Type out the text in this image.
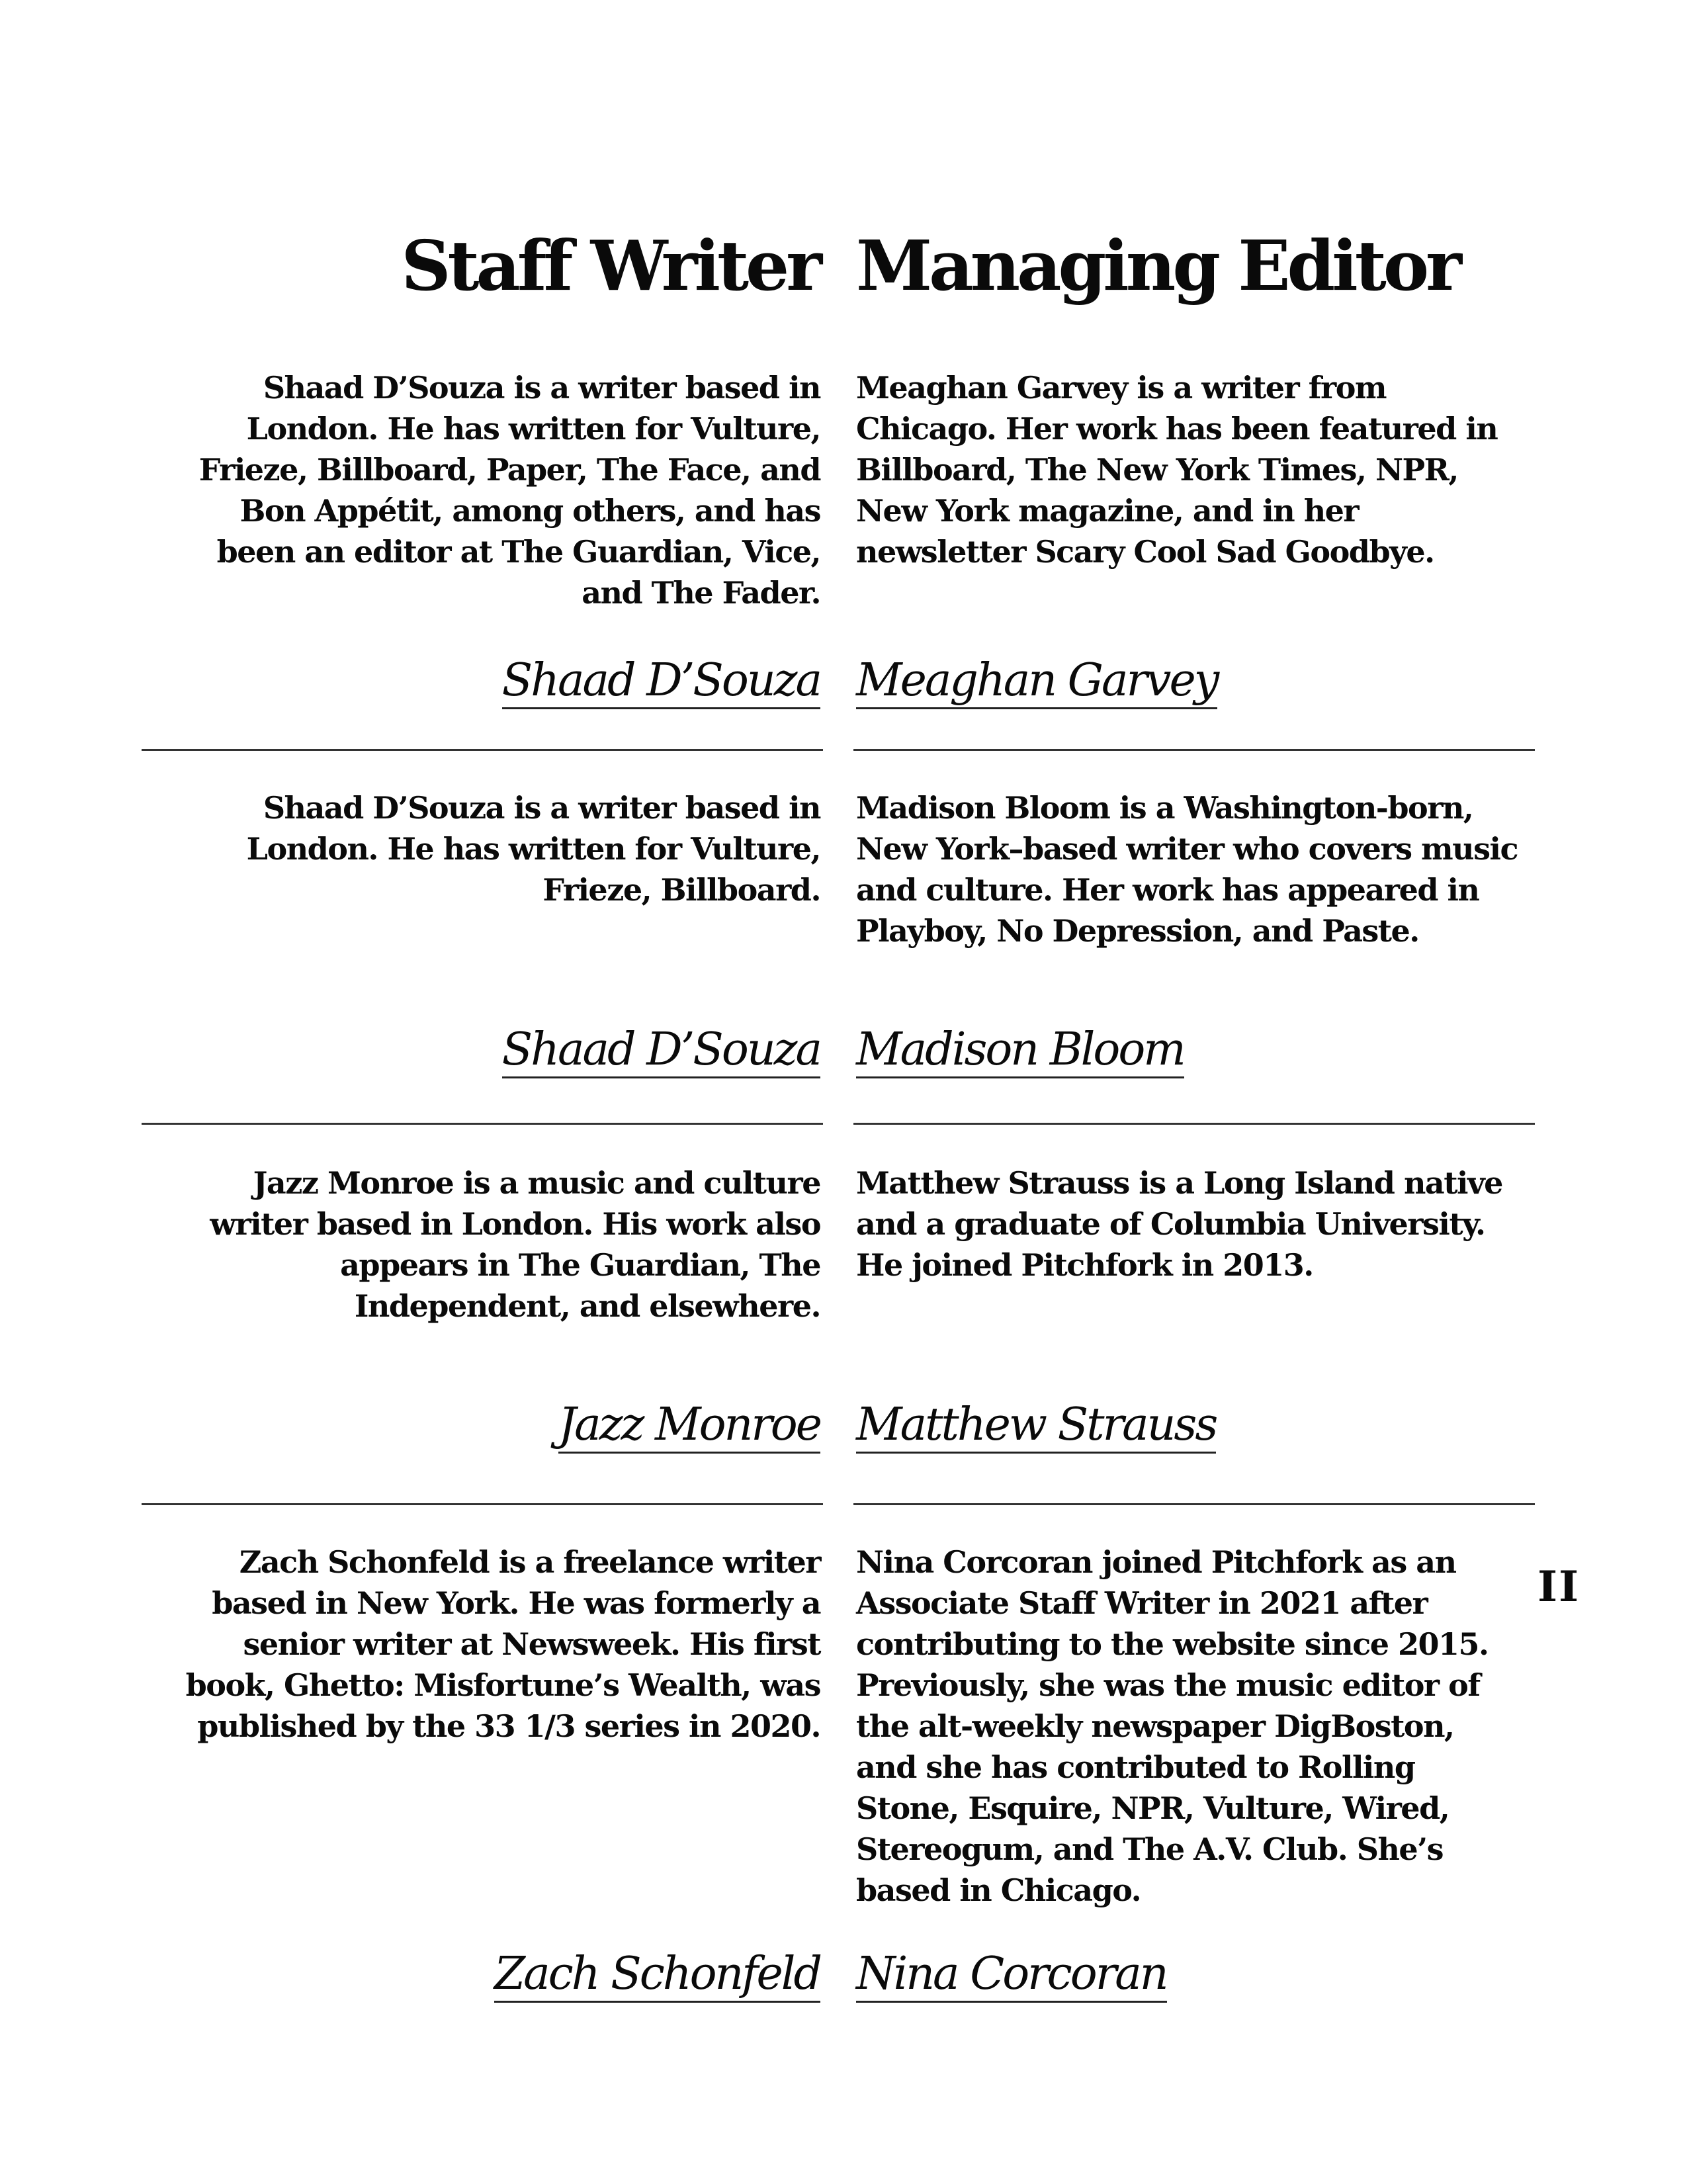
Staff Writer Managing Editor

Shaad D’Souza is a writer based in London. He has written for Vulture, Frieze, Billboard, Paper, The Face, and Bon Appétit, among others, and has been an editor at The Guardian, Vice, and The Fader.

Meaghan Garvey is a writer from Chicago. Her work has been featured in Billboard, The New York Times, NPR, New York magazine, and in her newsletter Scary Cool Sad Goodbye.

Shaad D’Souza Meaghan Garvey

Shaad D’Souza is a writer based in London. He has written for Vulture, Frieze, Billboard.

Madison Bloom is a Washington-born, New York–based writer who covers music and culture. Her work has appeared in Playboy, No Depression, and Paste.

Shaad D’Souza Madison Bloom

Jazz Monroe is a music and culture writer based in London. His work also appears in The Guardian, The Independent, and elsewhere.

Matthew Strauss is a Long Island native and a graduate of Columbia University. He joined Pitchfork in 2013.

Jazz Monroe Matthew Strauss

Zach Schonfeld is a freelance writer based in New York. He was formerly a senior writer at Newsweek. His first book, Ghetto: Misfortune’s Wealth, was published by the 33 1/3 series in 2020.

Nina Corcoran joined Pitchfork as an Associate Staff Writer in 2021 after contributing to the website since 2015. Previously, she was the music editor of the alt-weekly newspaper DigBoston, and she has contributed to Rolling Stone, Esquire, NPR, Vulture, Wired, Stereogum, and The A.V. Club. She’s based in Chicago.

Zach Schonfeld Nina Corcoran

II
